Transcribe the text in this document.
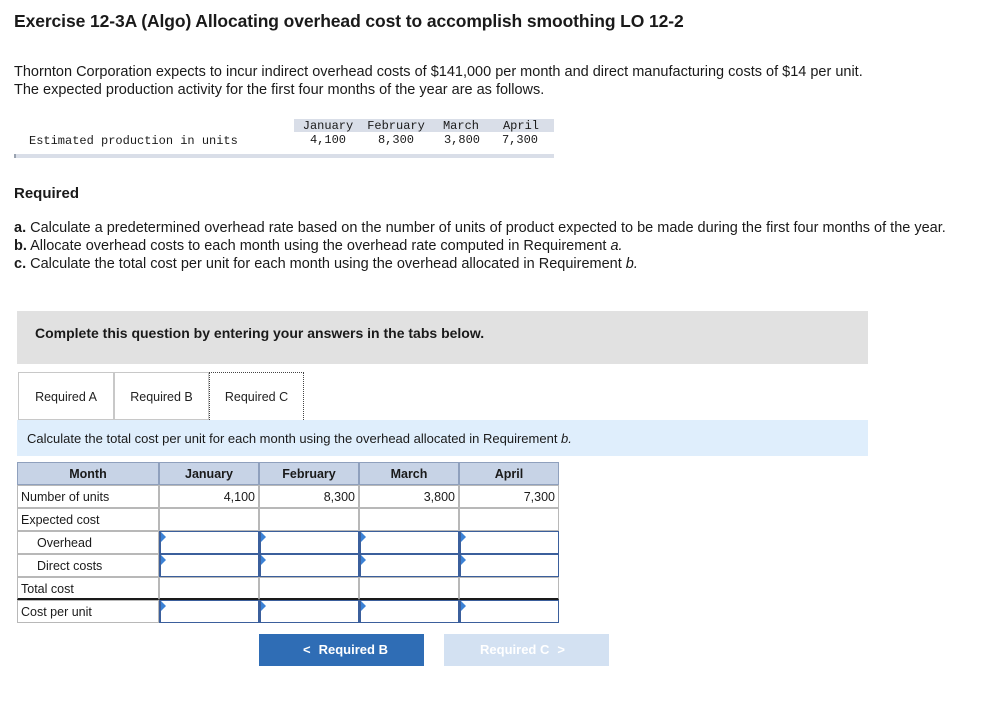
Exercise 12-3A (Algo) Allocating overhead cost to accomplish smoothing LO 12-2
Thornton Corporation expects to incur indirect overhead costs of $141,000 per month and direct manufacturing costs of $14 per unit.
The expected production activity for the first four months of the year are as follows.
Estimated production in units
January February	March	April
4,100	8,300	3,800	7,300
Required
a. Calculate a predetermined overhead rate based on the number of units of product expected to be made during the first four months of the year.
b. Allocate overhead costs to each month using the overhead rate computed in Requirement a.
c. Calculate the total cost per unit for each month using the overhead allocated in Requirement b.
Complete this question by entering your answers in the tabs below.
Required A	Required B	Required C
Calculate the total cost per unit for each month using the overhead allocated in Requirement b.
Month	January	February	March	April
Number of units	4,100	8,300	3,800	7,300
Expected cost
Overhead
Direct costs
Total cost
Cost per unit
< Required B	Required C >
